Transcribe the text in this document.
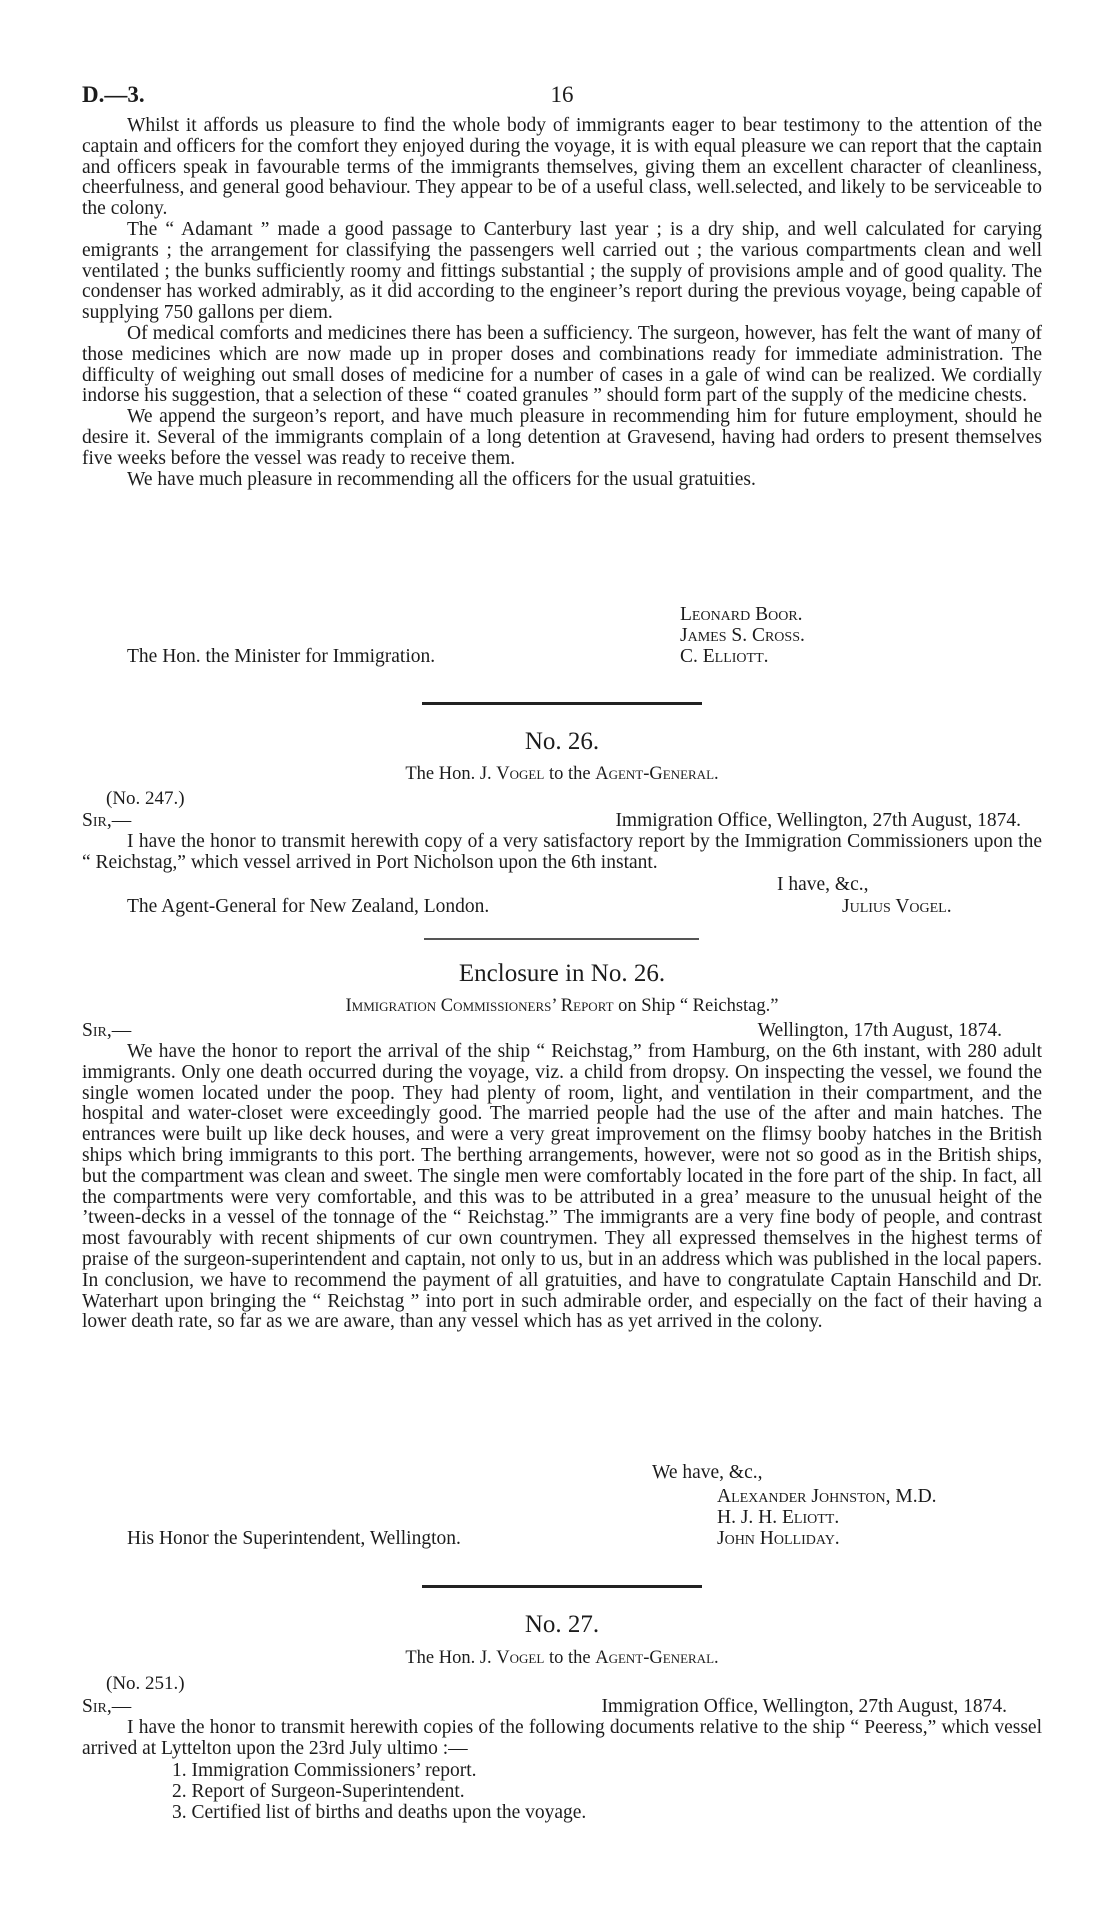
D.—3.	16

Whilst it affords us pleasure to find the whole body of immigrants eager to bear testimony to the attention of the captain and officers for the comfort they enjoyed during the voyage, it is with equal pleasure we can report that the captain and officers speak in favourable terms of the immigrants themselves, giving them an excellent character of cleanliness, cheerfulness, and general good behaviour. They appear to be of a useful class, well.selected, and likely to be serviceable to the colony.

The “ Adamant ” made a good passage to Canterbury last year ; is a dry ship, and well calculated for carying emigrants ; the arrangement for classifying the passengers well carried out ; the various compartments clean and well ventilated ; the bunks sufficiently roomy and fittings substantial ; the supply of provisions ample and of good quality. The condenser has worked admirably, as it did according to the engineer’s report during the previous voyage, being capable of supplying 750 gallons per diem.

Of medical comforts and medicines there has been a sufficiency. The surgeon, however, has felt the want of many of those medicines which are now made up in proper doses and combinations ready for immediate administration. The difficulty of weighing out small doses of medicine for a number of cases in a gale of wind can be realized. We cordially indorse his suggestion, that a selection of these “ coated granules ” should form part of the supply of the medicine chests.

We append the surgeon’s report, and have much pleasure in recommending him for future employment, should he desire it. Several of the immigrants complain of a long detention at Gravesend, having had orders to present themselves five weeks before the vessel was ready to receive them.

We have much pleasure in recommending all the officers for the usual gratuities.

Leonard Boor.
James S. Cross.
C. Elliott.
The Hon. the Minister for Immigration.
No. 26.
The Hon. J. Vogel to the Agent-General.
(No. 247.)
Sir,—	Immigration Office, Wellington, 27th August, 1874.

I have the honor to transmit herewith copy of a very satisfactory report by the Immigration Commissioners upon the “ Reichstag,” which vessel arrived in Port Nicholson upon the 6th instant.

I have, &c.,
The Agent-General for New Zealand, London.	Julius Vogel.
Enclosure in No. 26.
Immigration Commissioners’ Report on Ship “ Reichstag.”
Sir,—	Wellington, 17th August, 1874.

We have the honor to report the arrival of the ship “ Reichstag,” from Hamburg, on the 6th instant, with 280 adult immigrants. Only one death occurred during the voyage, viz. a child from dropsy. On inspecting the vessel, we found the single women located under the poop. They had plenty of room, light, and ventilation in their compartment, and the hospital and water-closet were exceedingly good. The married people had the use of the after and main hatches. The entrances were built up like deck houses, and were a very great improvement on the flimsy booby hatches in the British ships which bring immigrants to this port. The berthing arrangements, however, were not so good as in the British ships, but the compartment was clean and sweet. The single men were comfortably located in the fore part of the ship. In fact, all the compartments were very comfortable, and this was to be attributed in a grea’ measure to the unusual height of the ’tween-decks in a vessel of the tonnage of the “ Reichstag.” The immigrants are a very fine body of people, and contrast most favourably with recent shipments of cur own countrymen. They all expressed themselves in the highest terms of praise of the surgeon-superintendent and captain, not only to us, but in an address which was published in the local papers. In conclusion, we have to recommend the payment of all gratuities, and have to congratulate Captain Hanschild and Dr. Waterhart upon bringing the “ Reichstag ” into port in such admirable order, and especially on the fact of their having a lower death rate, so far as we are aware, than any vessel which has as yet arrived in the colony.

We have, &c.,
Alexander Johnston, M.D.
H. J. H. Eliott.
John Holliday.
His Honor the Superintendent, Wellington.
No. 27.
The Hon. J. Vogel to the Agent-General.
(No. 251.)
Sir,—	Immigration Office, Wellington, 27th August, 1874.

I have the honor to transmit herewith copies of the following documents relative to the ship “ Peeress,” which vessel arrived at Lyttelton upon the 23rd July ultimo :—

1. Immigration Commissioners’ report.
2. Report of Surgeon-Superintendent.
3. Certified list of births and deaths upon the voyage.
